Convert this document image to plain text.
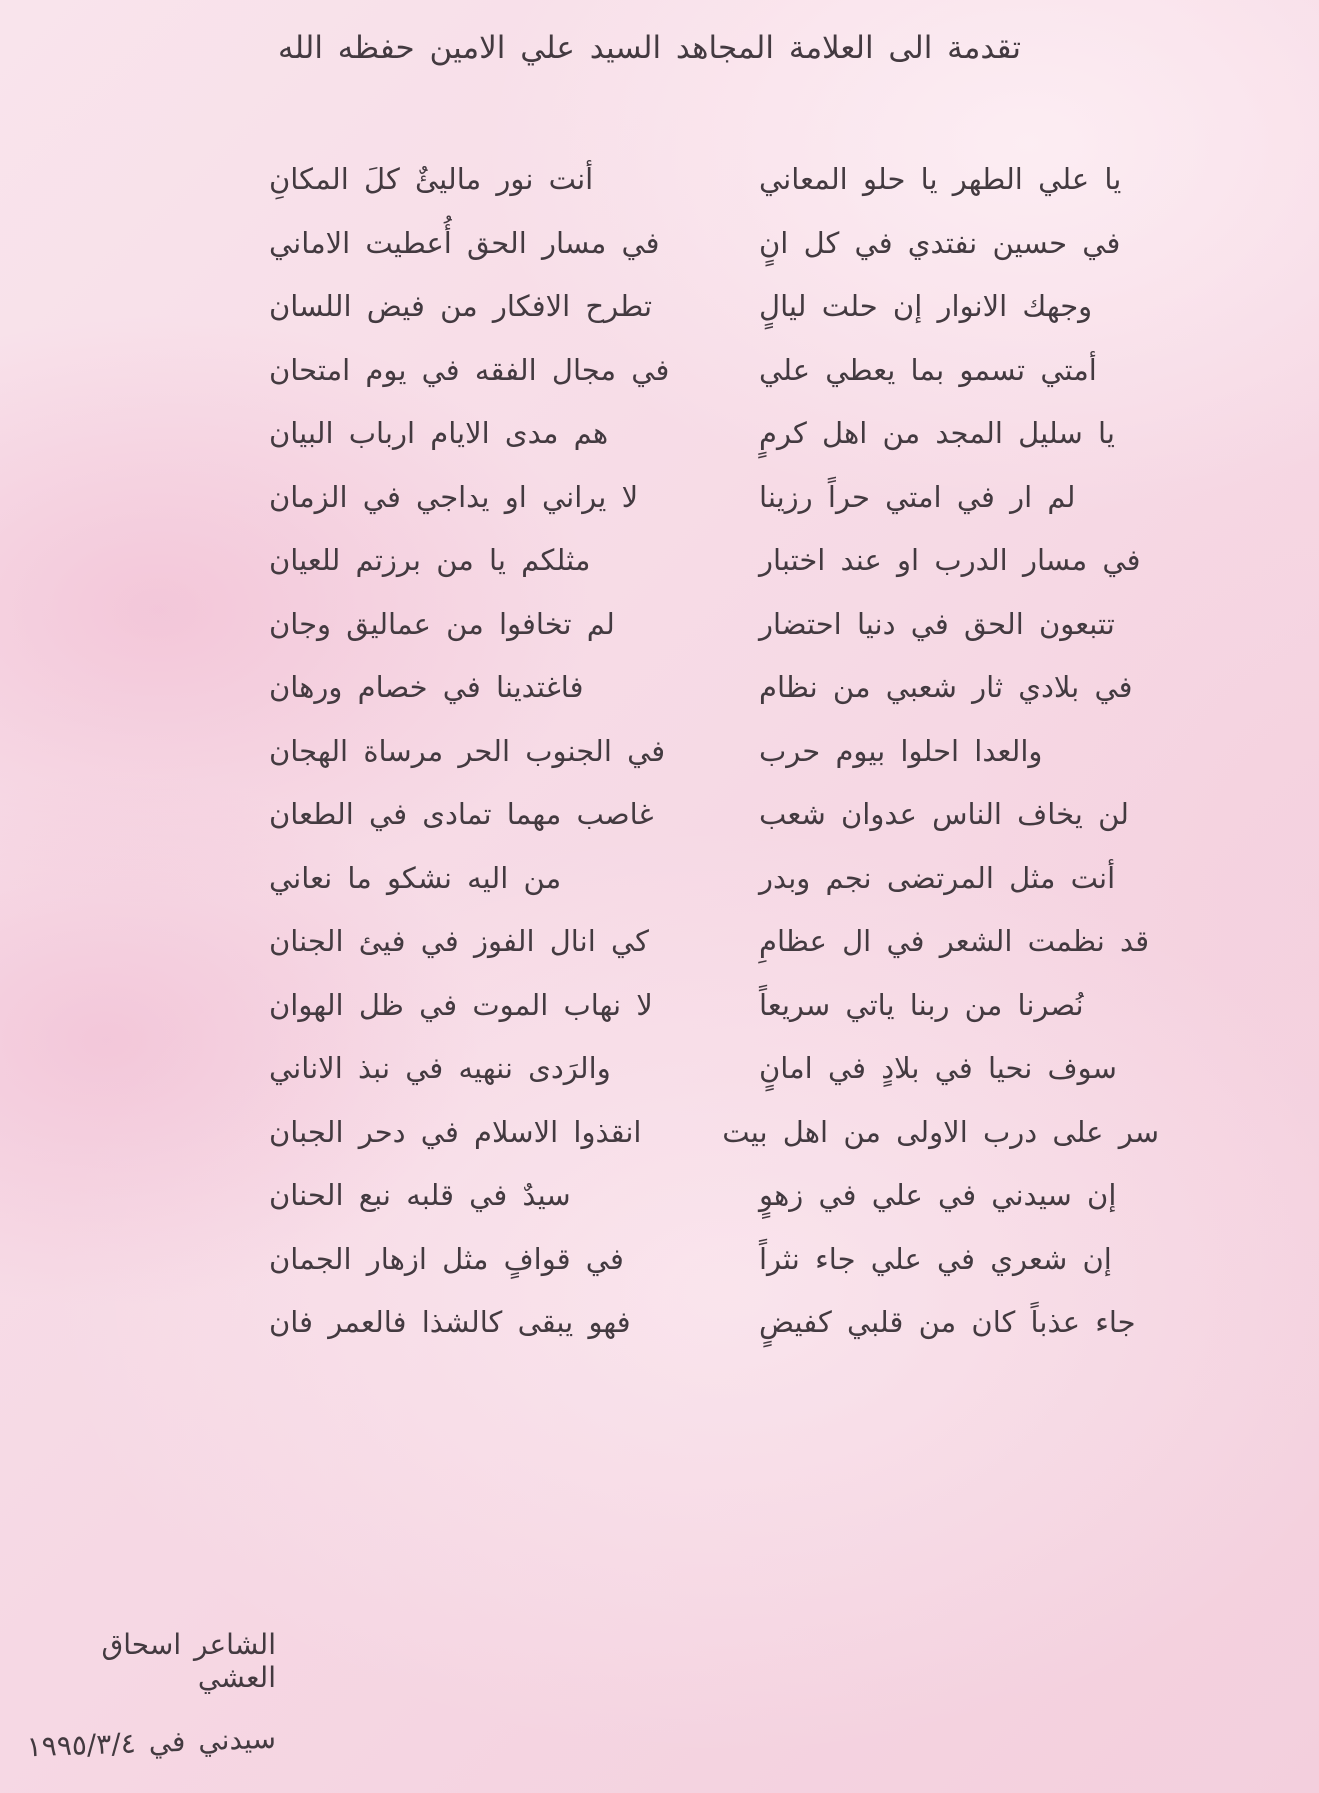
تقدمة الى العلامة المجاهد السيد علي الامين حفظه الله
يا علي الطهر يا حلو المعاني
أنت نور ماليئٌ كلَ المكانِ
في حسين نفتدي في كل انٍ
في مسار الحق أُعطيت الاماني
وجهك الانوار إن حلت ليالٍ
تطرح الافكار من فيض اللسان
أمتي تسمو بما يعطي علي
في مجال الفقه في يوم امتحان
يا سليل المجد من اهل كرمٍ
هم مدى الايام ارباب البيان
لم ار في امتي حراً رزينا
لا يراني او يداجي في الزمان
في مسار الدرب او عند اختبار
مثلكم يا من برزتم للعيان
تتبعون الحق في دنيا احتضار
لم تخافوا من عماليق وجان
في بلادي ثار شعبي من نظام
فاغتدينا في خصام ورهان
والعدا احلوا بيوم حرب
في الجنوب الحر مرساة الهجان
لن يخاف الناس عدوان شعب
غاصب مهما تمادى في الطعان
أنت مثل المرتضى نجم وبدر
من اليه نشكو ما نعاني
قد نظمت الشعر في ال عظامِ
كي انال الفوز في فيئ الجنان
نُصرنا من ربنا ياتي سريعاً
لا نهاب الموت في ظل الهوان
سوف نحيا في بلادٍ في امانٍ
والرَدى ننهيه في نبذ الاناني
سر على درب الاولى من اهل بيت
انقذوا الاسلام في دحر الجبان
إن سيدني في علي في زهوٍ
سيدٌ في قلبه نبع الحنان
إن شعري في علي جاء نثراً
في قوافٍ مثل ازهار الجمان
جاء عذباً كان من قلبي كفيضٍ
فهو يبقى كالشذا فالعمر فان
الشاعر اسحاق العشي
سيدني في ١٩٩٥/٣/٤
